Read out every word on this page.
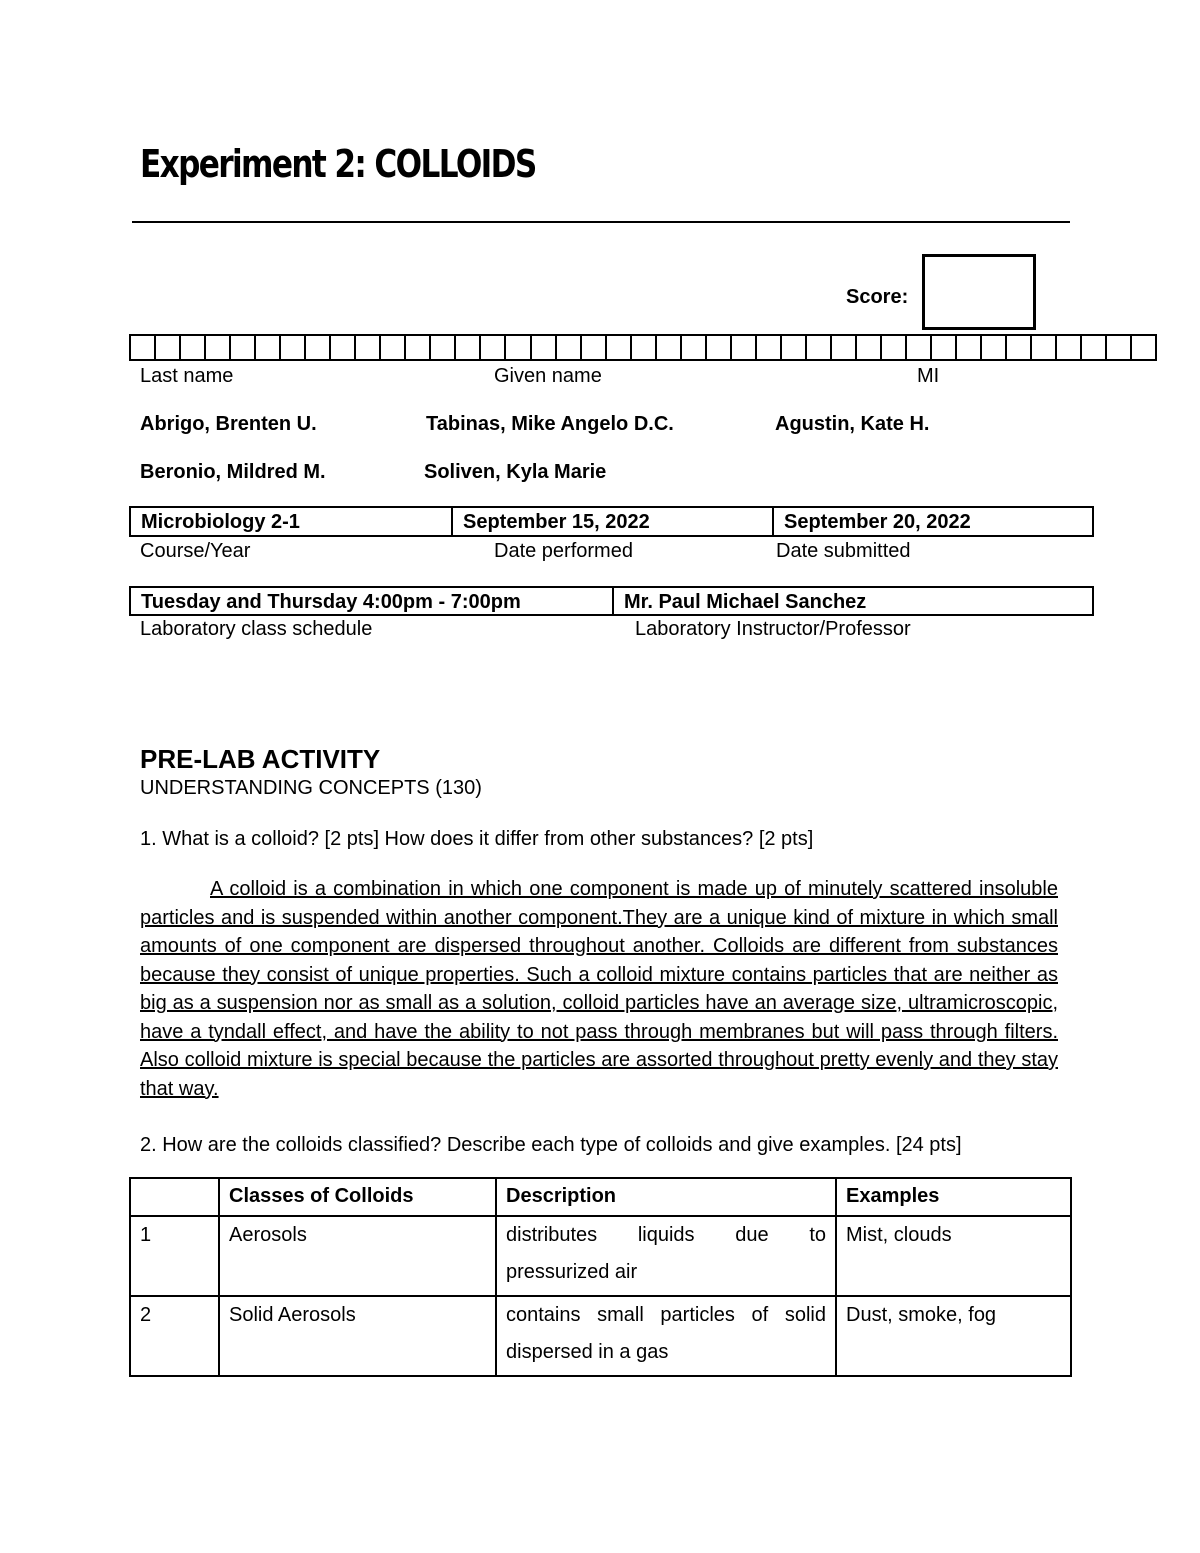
Experiment 2: COLLOIDS
Score:
Last name	Given name	MI
Abrigo, Brenten U.	Tabinas, Mike Angelo D.C.	Agustin, Kate H.
Beronio, Mildred M.	Soliven, Kyla Marie
Microbiology 2-1	September 15, 2022	September 20, 2022
Course/Year	Date performed	Date submitted
Tuesday and Thursday 4:00pm - 7:00pm	Mr. Paul Michael Sanchez
Laboratory class schedule	Laboratory Instructor/Professor
PRE-LAB ACTIVITY
UNDERSTANDING CONCEPTS (130)
1. What is a colloid? [2 pts] How does it differ from other substances? [2 pts]
A colloid is a combination in which one component is made up of minutely scattered insoluble particles and is suspended within another component.They are a unique kind of mixture in which small amounts of one component are dispersed throughout another. Colloids are different from substances because they consist of unique properties. Such a colloid mixture contains particles that are neither as big as a suspension nor as small as a solution, colloid particles have an average size, ultramicroscopic, have a tyndall effect, and have the ability to not pass through membranes but will pass through filters. Also colloid mixture is special because the particles are assorted throughout pretty evenly and they stay that way.
2. How are the colloids classified? Describe each type of colloids and give examples. [24 pts]
	Classes of Colloids	Description	Examples
1	Aerosols	distributes liquids due to pressurized air	Mist, clouds
2	Solid Aerosols	contains small particles of solid dispersed in a gas	Dust, smoke, fog
